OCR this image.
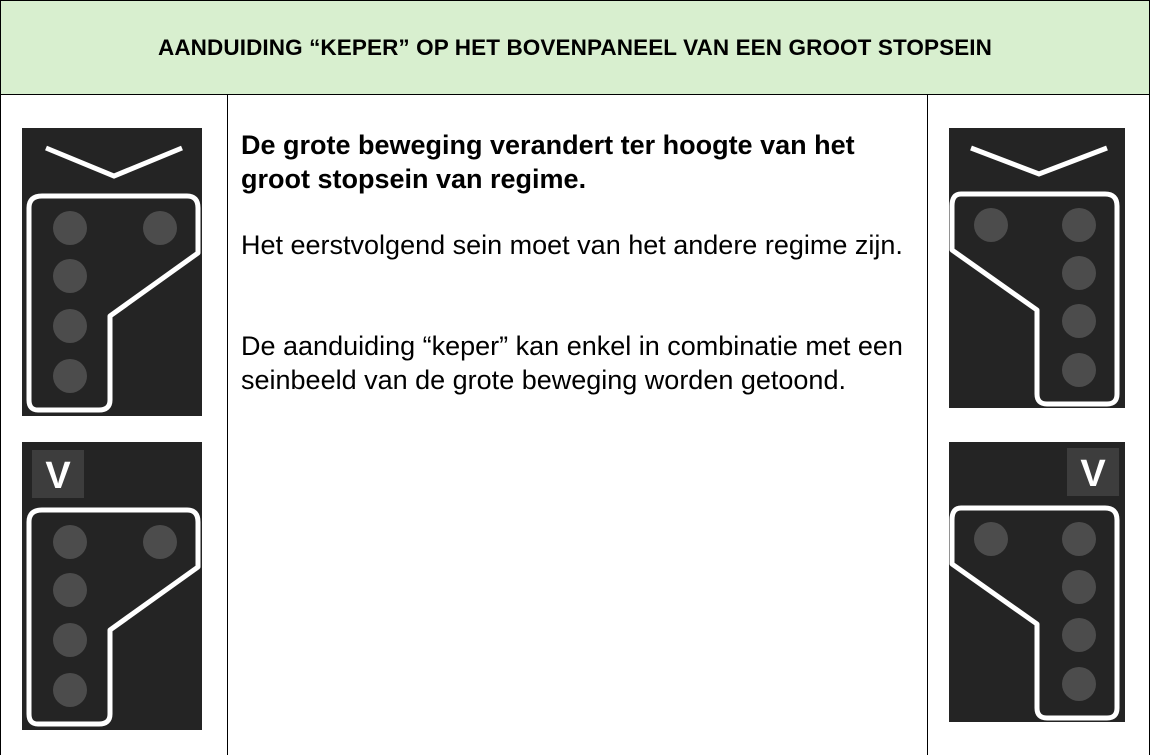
AANDUIDING “KEPER” OP HET BOVENPANEEL VAN EEN GROOT STOPSEIN
V

De grote beweging verandert ter hoogte van het groot stopsein van regime.

Het eerstvolgend sein moet van het andere regime zijn.

De aanduiding “keper” kan enkel in combinatie met een seinbeeld van de grote beweging worden getoond.

V
